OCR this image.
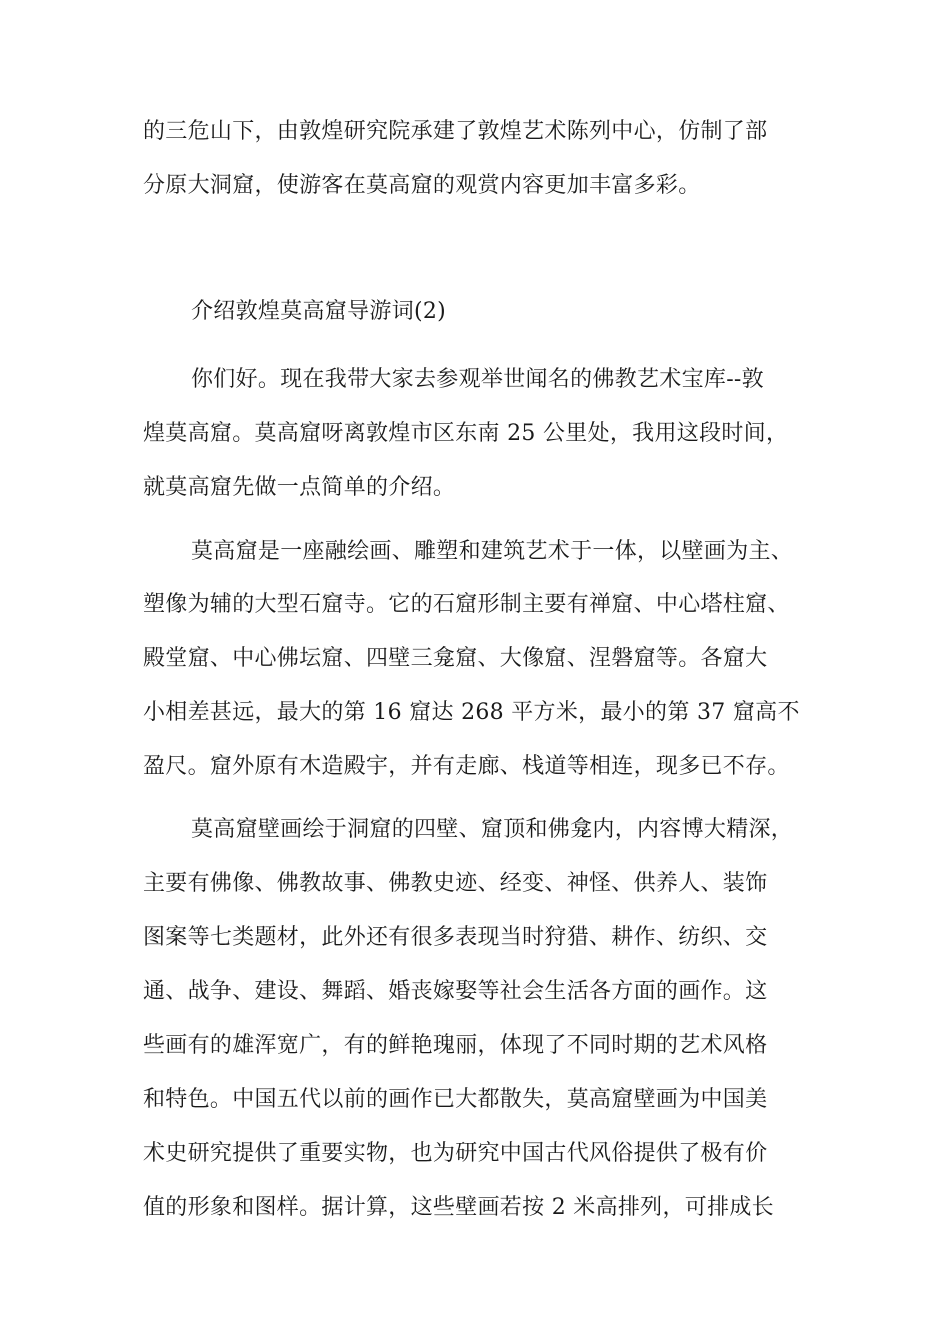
的三危山下，由敦煌研究院承建了敦煌艺术陈列中心，仿制了部
分原大洞窟，使游客在莫高窟的观赏内容更加丰富多彩。
介绍敦煌莫高窟导游词(2)
你们好。现在我带大家去参观举世闻名的佛教艺术宝库--敦
煌莫高窟。莫高窟呀离敦煌市区东南 25 公里处，我用这段时间，
就莫高窟先做一点简单的介绍。
莫高窟是一座融绘画、雕塑和建筑艺术于一体，以壁画为主、
塑像为辅的大型石窟寺。它的石窟形制主要有禅窟、中心塔柱窟、
殿堂窟、中心佛坛窟、四壁三龛窟、大像窟、涅磐窟等。各窟大
小相差甚远，最大的第 16 窟达 268 平方米，最小的第 37 窟高不
盈尺。窟外原有木造殿宇，并有走廊、栈道等相连，现多已不存。
莫高窟壁画绘于洞窟的四壁、窟顶和佛龛内，内容博大精深，
主要有佛像、佛教故事、佛教史迹、经变、神怪、供养人、装饰
图案等七类题材，此外还有很多表现当时狩猎、耕作、纺织、交
通、战争、建设、舞蹈、婚丧嫁娶等社会生活各方面的画作。这
些画有的雄浑宽广，有的鲜艳瑰丽，体现了不同时期的艺术风格
和特色。中国五代以前的画作已大都散失，莫高窟壁画为中国美
术史研究提供了重要实物，也为研究中国古代风俗提供了极有价
值的形象和图样。据计算，这些壁画若按 2 米高排列，可排成长
